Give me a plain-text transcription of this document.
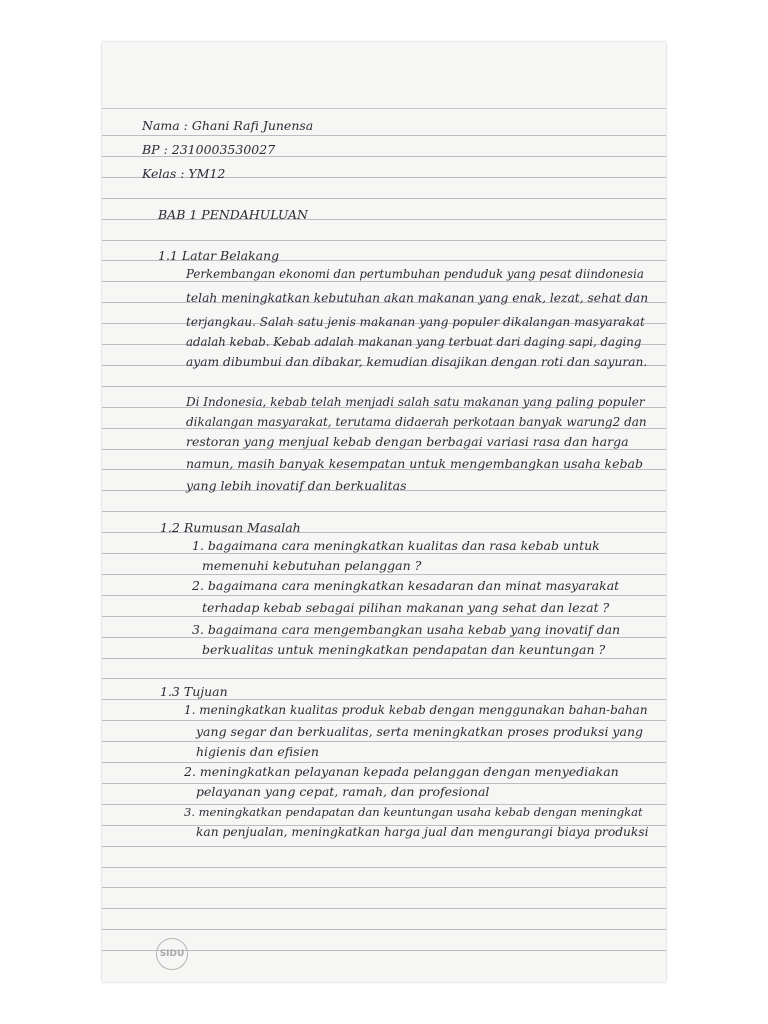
Nama : Ghani Rafi Junensa
BP : 2310003530027
Kelas : YM12
BAB 1 PENDAHULUAN
1.1 Latar Belakang
Perkembangan ekonomi dan pertumbuhan penduduk yang pesat diindonesia
telah meningkatkan kebutuhan akan makanan yang enak, lezat, sehat dan
terjangkau. Salah satu jenis makanan yang populer dikalangan masyarakat
adalah kebab. Kebab adalah makanan yang terbuat dari daging sapi, daging
ayam dibumbui dan dibakar, kemudian disajikan dengan roti dan sayuran.
Di Indonesia, kebab telah menjadi salah satu makanan yang paling populer
dikalangan masyarakat, terutama didaerah perkotaan banyak warung2 dan
restoran yang menjual kebab dengan berbagai variasi rasa dan harga
namun, masih banyak kesempatan untuk mengembangkan usaha kebab
yang lebih inovatif dan berkualitas
1.2 Rumusan Masalah
1. bagaimana cara meningkatkan kualitas dan rasa kebab untuk
memenuhi kebutuhan pelanggan ?
2. bagaimana cara meningkatkan kesadaran dan minat masyarakat
terhadap kebab sebagai pilihan makanan yang sehat dan lezat ?
3. bagaimana cara mengembangkan usaha kebab yang inovatif dan
berkualitas untuk meningkatkan pendapatan dan keuntungan ?
1.3 Tujuan
1. meningkatkan kualitas produk kebab dengan menggunakan bahan-bahan
yang segar dan berkualitas, serta meningkatkan proses produksi yang
higienis dan efisien
2. meningkatkan pelayanan kepada pelanggan dengan menyediakan
pelayanan yang cepat, ramah, dan profesional
3. meningkatkan pendapatan dan keuntungan usaha kebab dengan meningkat
kan penjualan, meningkatkan harga jual dan mengurangi biaya produksi
SIDU
